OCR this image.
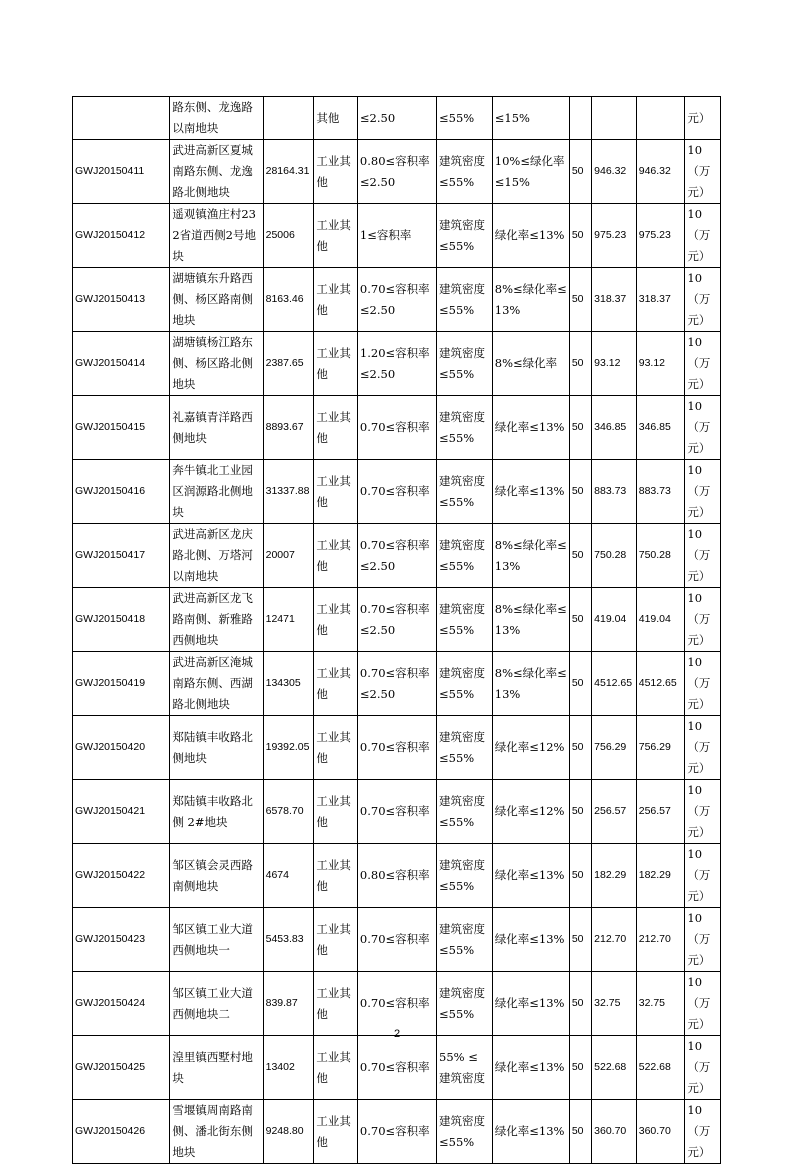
	路东侧、龙逸路以南地块		其他	≤2.50	≤55%	≤15%				元）
GWJ20150411	武进高新区夏城南路东侧、龙逸路北侧地块	28164.31	工业其他	0.80≤容积率≤2.50	建筑密度≤55%	10%≤绿化率≤15%	50	946.32	946.32	10（万元）
GWJ20150412	遥观镇渔庄村232省道西侧2号地块	25006	工业其他	1≤容积率	建筑密度≤55%	绿化率≤13%	50	975.23	975.23	10（万元）
GWJ20150413	湖塘镇东升路西侧、杨区路南侧地块	8163.46	工业其他	0.70≤容积率≤2.50	建筑密度≤55%	8%≤绿化率≤13%	50	318.37	318.37	10（万元）
GWJ20150414	湖塘镇杨江路东侧、杨区路北侧地块	2387.65	工业其他	1.20≤容积率≤2.50	建筑密度≤55%	8%≤绿化率	50	93.12	93.12	10（万元）
GWJ20150415	礼嘉镇青洋路西侧地块	8893.67	工业其他	0.70≤容积率	建筑密度≤55%	绿化率≤13%	50	346.85	346.85	10（万元）
GWJ20150416	奔牛镇北工业园区润源路北侧地块	31337.88	工业其他	0.70≤容积率	建筑密度≤55%	绿化率≤13%	50	883.73	883.73	10（万元）
GWJ20150417	武进高新区龙庆路北侧、万塔河以南地块	20007	工业其他	0.70≤容积率≤2.50	建筑密度≤55%	8%≤绿化率≤13%	50	750.28	750.28	10（万元）
GWJ20150418	武进高新区龙飞路南侧、新雅路西侧地块	12471	工业其他	0.70≤容积率≤2.50	建筑密度≤55%	8%≤绿化率≤13%	50	419.04	419.04	10（万元）
GWJ20150419	武进高新区淹城南路东侧、西湖路北侧地块	134305	工业其他	0.70≤容积率≤2.50	建筑密度≤55%	8%≤绿化率≤13%	50	4512.65	4512.65	10（万元）
GWJ20150420	郑陆镇丰收路北侧地块	19392.05	工业其他	0.70≤容积率	建筑密度≤55%	绿化率≤12%	50	756.29	756.29	10（万元）
GWJ20150421	郑陆镇丰收路北侧 2#地块	6578.70	工业其他	0.70≤容积率	建筑密度≤55%	绿化率≤12%	50	256.57	256.57	10（万元）
GWJ20150422	邹区镇会灵西路南侧地块	4674	工业其他	0.80≤容积率	建筑密度≤55%	绿化率≤13%	50	182.29	182.29	10（万元）
GWJ20150423	邹区镇工业大道西侧地块一	5453.83	工业其他	0.70≤容积率	建筑密度≤55%	绿化率≤13%	50	212.70	212.70	10（万元）
GWJ20150424	邹区镇工业大道西侧地块二	839.87	工业其他	0.70≤容积率	建筑密度≤55%	绿化率≤13%	50	32.75	32.75	10（万元）
GWJ20150425	湟里镇西墅村地块	13402	工业其他	0.70≤容积率	55% ≤ 建筑密度	绿化率≤13%	50	522.68	522.68	10（万元）
GWJ20150426	雪堰镇周南路南侧、潘北街东侧地块	9248.80	工业其他	0.70≤容积率	建筑密度≤55%	绿化率≤13%	50	360.70	360.70	10（万元）
2
